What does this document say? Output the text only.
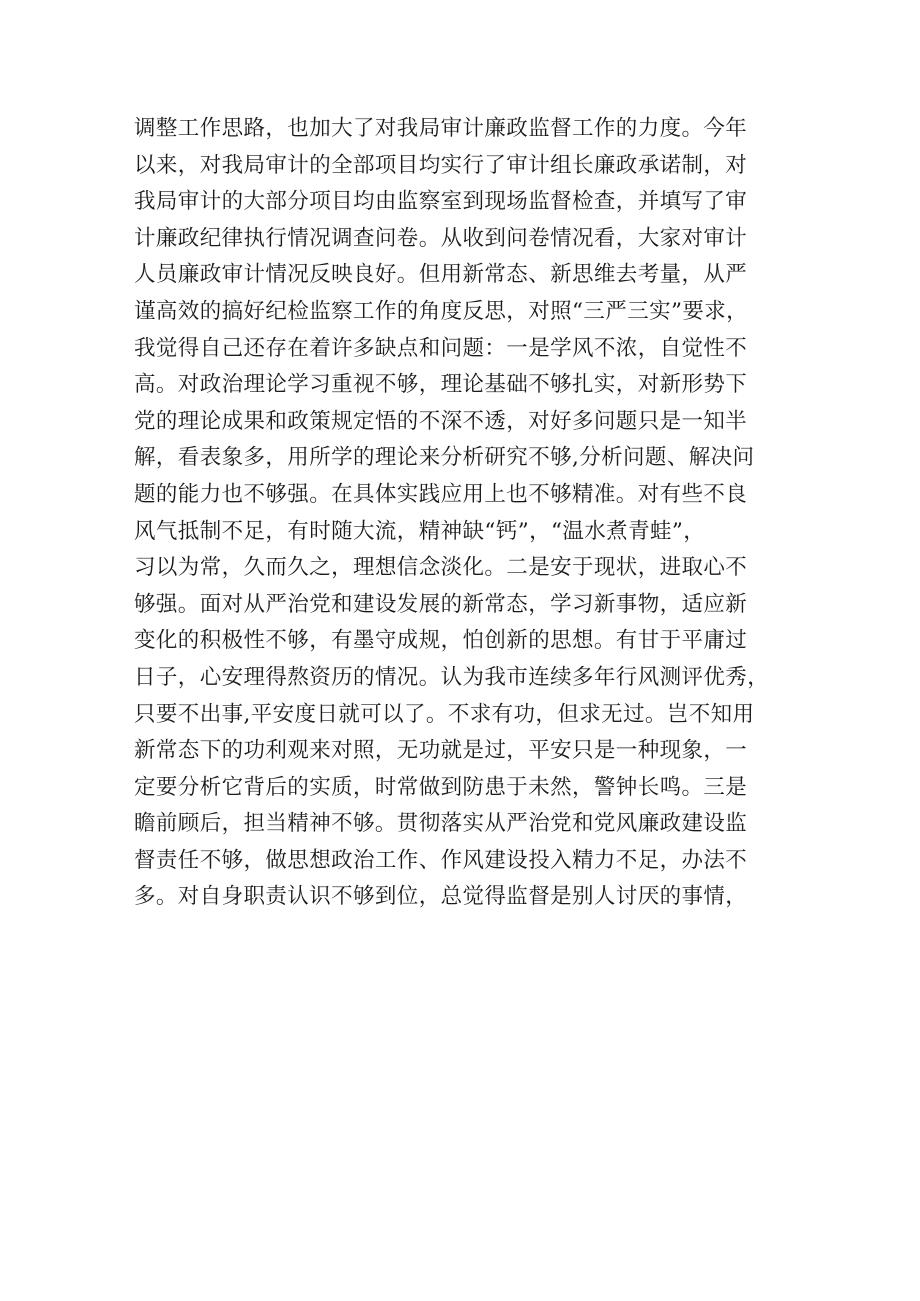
调整工作思路，也加大了对我局审计廉政监督工作的力度。今年
以来，对我局审计的全部项目均实行了审计组长廉政承诺制，对
我局审计的大部分项目均由监察室到现场监督检查，并填写了审
计廉政纪律执行情况调查问卷。从收到问卷情况看，大家对审计
人员廉政审计情况反映良好。但用新常态、新思维去考量，从严
谨高效的搞好纪检监察工作的角度反思，对照“三严三实”要求，
我觉得自己还存在着许多缺点和问题：一是学风不浓，自觉性不
高。对政治理论学习重视不够，理论基础不够扎实，对新形势下
党的理论成果和政策规定悟的不深不透，对好多问题只是一知半
解，看表象多，用所学的理论来分析研究不够,分析问题、解决问
题的能力也不够强。在具体实践应用上也不够精准。对有些不良
风气抵制不足，有时随大流，精神缺“钙”，“温水煮青蛙”，
习以为常，久而久之，理想信念淡化。二是安于现状，进取心不
够强。面对从严治党和建设发展的新常态，学习新事物，适应新
变化的积极性不够，有墨守成规，怕创新的思想。有甘于平庸过
日子，心安理得熬资历的情况。认为我市连续多年行风测评优秀，
只要不出事,平安度日就可以了。不求有功，但求无过。岂不知用
新常态下的功利观来对照，无功就是过，平安只是一种现象，一
定要分析它背后的实质，时常做到防患于未然，警钟长鸣。三是
瞻前顾后，担当精神不够。贯彻落实从严治党和党风廉政建设监
督责任不够，做思想政治工作、作风建设投入精力不足，办法不
多。对自身职责认识不够到位，总觉得监督是别人讨厌的事情，
